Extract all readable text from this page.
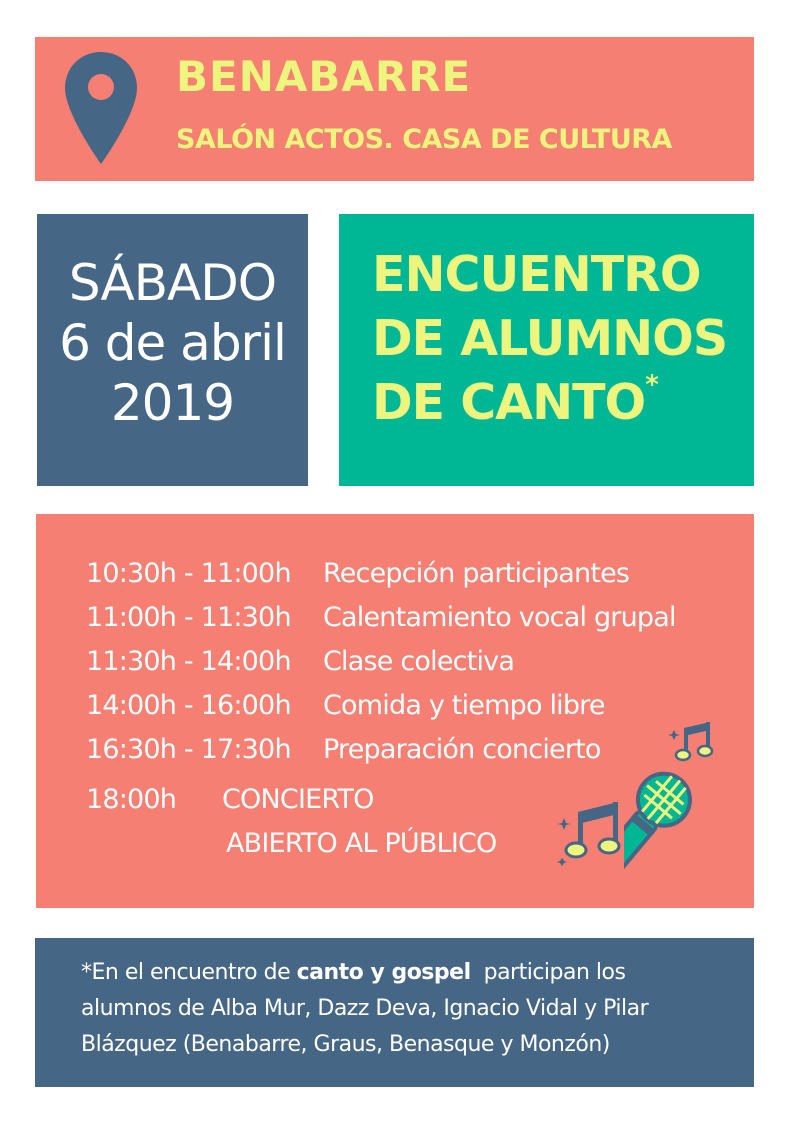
BENABARRE
SALÓN ACTOS. CASA DE CULTURA
SÁBADO
6 de abril
2019
ENCUENTRO
DE ALUMNOS
DE CANTO*
10:30h - 11:00h Recepción participantes
11:00h - 11:30h Calentamiento vocal grupal
11:30h - 14:00h Clase colectiva
14:00h - 16:00h Comida y tiempo libre
16:30h - 17:30h Preparación concierto
18:00h CONCIERTO
ABIERTO AL PÚBLICO
*En el encuentro de canto y gospel  participan los
alumnos de Alba Mur, Dazz Deva, Ignacio Vidal y Pilar
Blázquez (Benabarre, Graus, Benasque y Monzón)
